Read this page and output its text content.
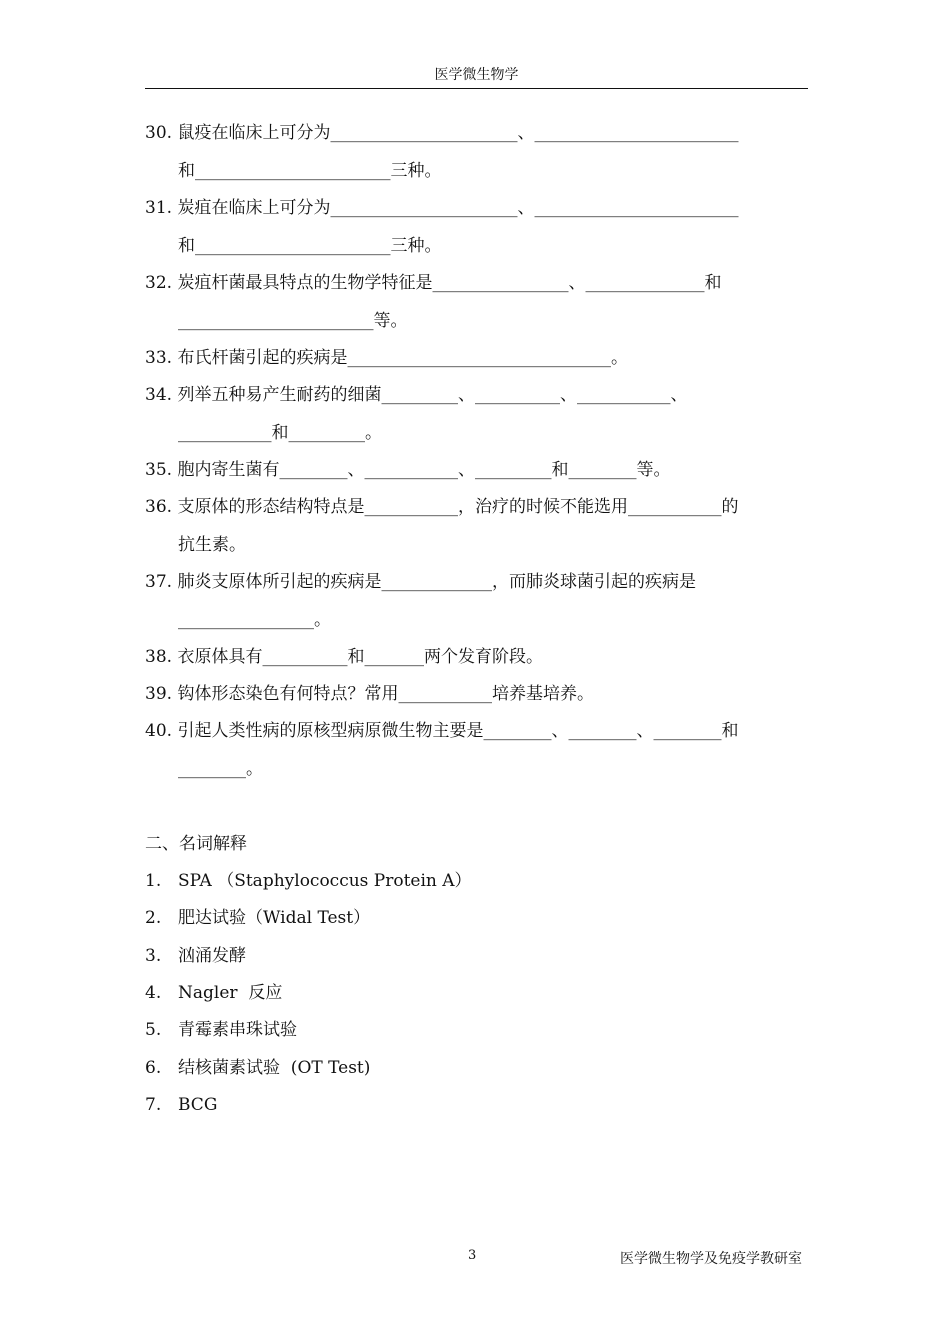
医学微生物学
30. 鼠疫在临床上可分为______________________、________________________
和_______________________三种。
31. 炭疽在临床上可分为______________________、________________________
和_______________________三种。
32. 炭疽杆菌最具特点的生物学特征是________________、______________和
_______________________等。
33. 布氏杆菌引起的疾病是_______________________________。
34. 列举五种易产生耐药的细菌_________、__________、___________、
___________和_________。
35. 胞内寄生菌有________、___________、_________和________等。
36. 支原体的形态结构特点是___________，治疗的时候不能选用___________的
抗生素。
37. 肺炎支原体所引起的疾病是_____________，而肺炎球菌引起的疾病是
________________。
38. 衣原体具有__________和_______两个发育阶段。
39. 钩体形态染色有何特点？常用___________培养基培养。
40. 引起人类性病的原核型病原微生物主要是________、________、________和
________。
二、名词解释
1. SPA （Staphylococcus Protein A）
2. 肥达试验（Widal Test）
3. 汹涌发酵
4. Nagler  反应
5. 青霉素串珠试验
6. 结核菌素试验  (OT Test)
7. BCG
3	医学微生物学及免疫学教研室
